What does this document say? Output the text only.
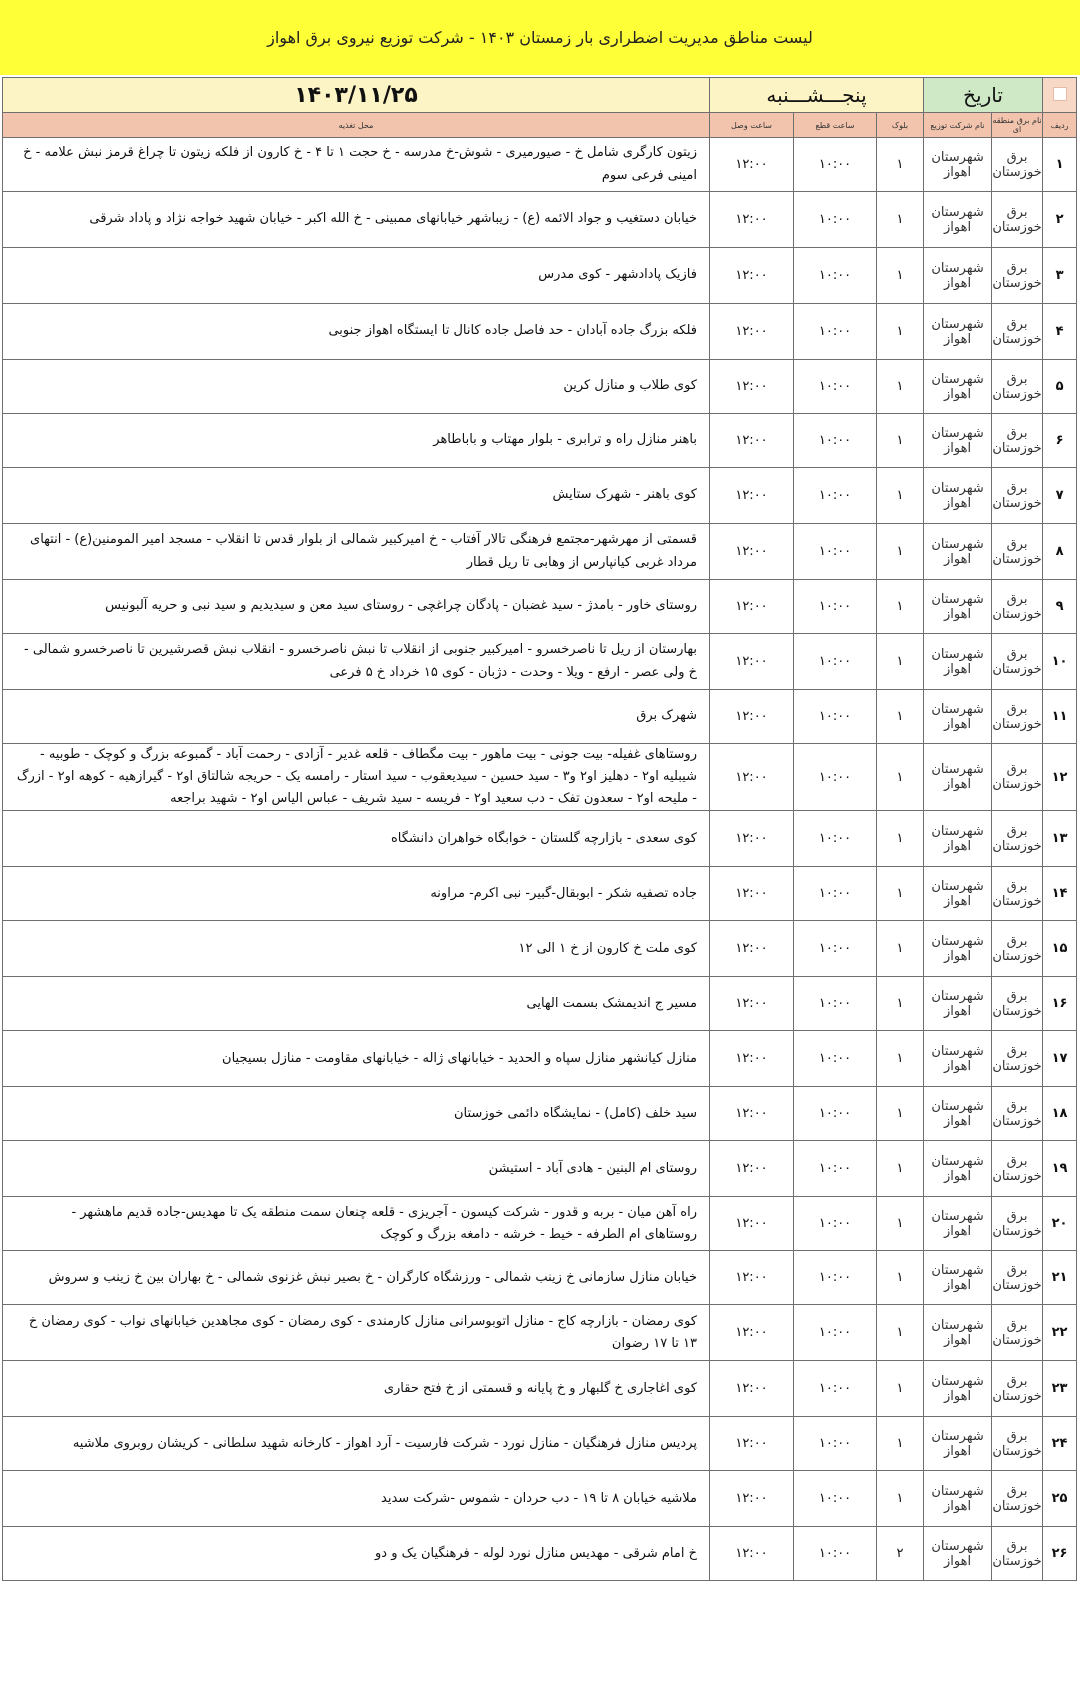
لیست مناطق مدیریت اضطراری بار زمستان ۱۴۰۳ - شرکت توزیع نیروی برق اهواز
	تاریخ		پنجـــشـــنبه			۱۴۰۳/۱۱/۲۵
ردیف	نام برق منطقه ای	نام شرکت توزیع	بلوک	ساعت قطع	ساعت وصل	محل تغذیه
۱	برق خوزستان	شهرستان اهواز	۱	۱۰:۰۰	۱۲:۰۰	زیتون کارگری شامل خ - صیورمیری - شوش-خ مدرسه - خ حجت ۱ تا ۴ - خ کارون از فلکه زیتون تا چراغ قرمز نبش علامه - خ امینی فرعی سوم
۲	برق خوزستان	شهرستان اهواز	۱	۱۰:۰۰	۱۲:۰۰	خیابان دستغیب و جواد الائمه (ع) - زیباشهر خیابانهای ممبینی - خ الله اکبر - خیابان شهید خواجه نژاد و پاداد شرقی
۳	برق خوزستان	شهرستان اهواز	۱	۱۰:۰۰	۱۲:۰۰	فازیک پادادشهر - کوی مدرس
۴	برق خوزستان	شهرستان اهواز	۱	۱۰:۰۰	۱۲:۰۰	فلکه بزرگ جاده آبادان - حد فاصل جاده کانال تا ایستگاه اهواز جنوبی
۵	برق خوزستان	شهرستان اهواز	۱	۱۰:۰۰	۱۲:۰۰	کوی طلاب و منازل کرین
۶	برق خوزستان	شهرستان اهواز	۱	۱۰:۰۰	۱۲:۰۰	باهنر منازل راه و ترابری - بلوار مهتاب و باباطاهر
۷	برق خوزستان	شهرستان اهواز	۱	۱۰:۰۰	۱۲:۰۰	کوی باهنر - شهرک ستایش
۸	برق خوزستان	شهرستان اهواز	۱	۱۰:۰۰	۱۲:۰۰	قسمتی از مهرشهر-مجتمع فرهنگی تالار آفتاب - خ امیرکبیر شمالی از بلوار قدس تا انقلاب - مسجد امیر المومنین(ع) - انتهای مرداد غربی کیانپارس از وهابی تا ریل قطار
۹	برق خوزستان	شهرستان اهواز	۱	۱۰:۰۰	۱۲:۰۰	روستای خاور - بامدژ - سید غضبان - پادگان چراغچی - روستای سید معن و سیدیدیم و سید نبی و حریه آلبونیس
۱۰	برق خوزستان	شهرستان اهواز	۱	۱۰:۰۰	۱۲:۰۰	بهارستان از ریل تا ناصرخسرو - امیرکبیر جنوبی از انقلاب تا نبش ناصرخسرو - انقلاب نبش قصرشیرین تا ناصرخسرو شمالی - خ ولی عصر - ارفع - ویلا - وحدت - دژبان - کوی ۱۵ خرداد خ ۵ فرعی
۱۱	برق خوزستان	شهرستان اهواز	۱	۱۰:۰۰	۱۲:۰۰	شهرک برق
۱۲	برق خوزستان	شهرستان اهواز	۱	۱۰:۰۰	۱۲:۰۰	روستاهای غفیله- بیت جونی - بیت ماهور - بیت مگطاف - قلعه غدیر - آزادی - رحمت آباد - گمبوعه بزرگ و کوچک - طوبیه - شیبلیه او۲ - دهلیز او۲ و۳ - سید حسین - سیدیعقوب - سید استار - رامسه یک - حریجه شالتاق او۲ - گیرازهیه - کوهه او۲ - ازرگ - ملیحه او۲ - سعدون تفک - دب سعید او۲ - فریسه - سید شریف - عباس الیاس او۲ - شهید براجعه
۱۳	برق خوزستان	شهرستان اهواز	۱	۱۰:۰۰	۱۲:۰۰	کوی سعدی - بازارچه گلستان - خوابگاه خواهران دانشگاه
۱۴	برق خوزستان	شهرستان اهواز	۱	۱۰:۰۰	۱۲:۰۰	جاده تصفیه شکر - ابوبقال-گبیر- نبی اکرم- مراونه
۱۵	برق خوزستان	شهرستان اهواز	۱	۱۰:۰۰	۱۲:۰۰	کوی ملت خ کارون از خ ۱ الی ۱۲
۱۶	برق خوزستان	شهرستان اهواز	۱	۱۰:۰۰	۱۲:۰۰	مسیر ج اندیمشک بسمت الهایی
۱۷	برق خوزستان	شهرستان اهواز	۱	۱۰:۰۰	۱۲:۰۰	منازل کیانشهر منازل سپاه و الحدید - خیابانهای ژاله - خیابانهای مقاومت - منازل بسیجیان
۱۸	برق خوزستان	شهرستان اهواز	۱	۱۰:۰۰	۱۲:۰۰	سید خلف (کامل) - نمایشگاه دائمی خوزستان
۱۹	برق خوزستان	شهرستان اهواز	۱	۱۰:۰۰	۱۲:۰۰	روستای ام البنین - هادی آباد - استیشن
۲۰	برق خوزستان	شهرستان اهواز	۱	۱۰:۰۰	۱۲:۰۰	راه آهن میان - بربه و قدور - شرکت کیسون - آجریزی - قلعه چنعان سمت منطقه یک تا مهدیس-جاده قدیم ماهشهر - روستاهای ام الطرفه - خیط - خرشه - دامغه بزرگ و کوچک
۲۱	برق خوزستان	شهرستان اهواز	۱	۱۰:۰۰	۱۲:۰۰	خیابان منازل سازمانی خ زینب شمالی - ورزشگاه کارگران - خ بصیر نبش غزنوی شمالی - خ بهاران بین خ زینب و سروش
۲۲	برق خوزستان	شهرستان اهواز	۱	۱۰:۰۰	۱۲:۰۰	کوی رمضان - بازارچه کاج - منازل اتوبوسرانی منازل کارمندی - کوی رمضان - کوی مجاهدین خیابانهای نواب - کوی رمضان خ ۱۳ تا ۱۷ رضوان
۲۳	برق خوزستان	شهرستان اهواز	۱	۱۰:۰۰	۱۲:۰۰	کوی اغاجاری خ گلبهار و خ پایانه و قسمتی از خ فتح حقاری
۲۴	برق خوزستان	شهرستان اهواز	۱	۱۰:۰۰	۱۲:۰۰	پردیس منازل فرهنگیان - منازل نورد - شرکت فارسیت - آرد اهواز - کارخانه شهید سلطانی - کریشان روبروی ملاشیه
۲۵	برق خوزستان	شهرستان اهواز	۱	۱۰:۰۰	۱۲:۰۰	ملاشیه خیابان ۸ تا ۱۹ - دب حردان - شموس -شرکت سدید
۲۶	برق خوزستان	شهرستان اهواز	۲	۱۰:۰۰	۱۲:۰۰	خ امام شرقی - مهدیس منازل نورد لوله - فرهنگیان یک و دو
